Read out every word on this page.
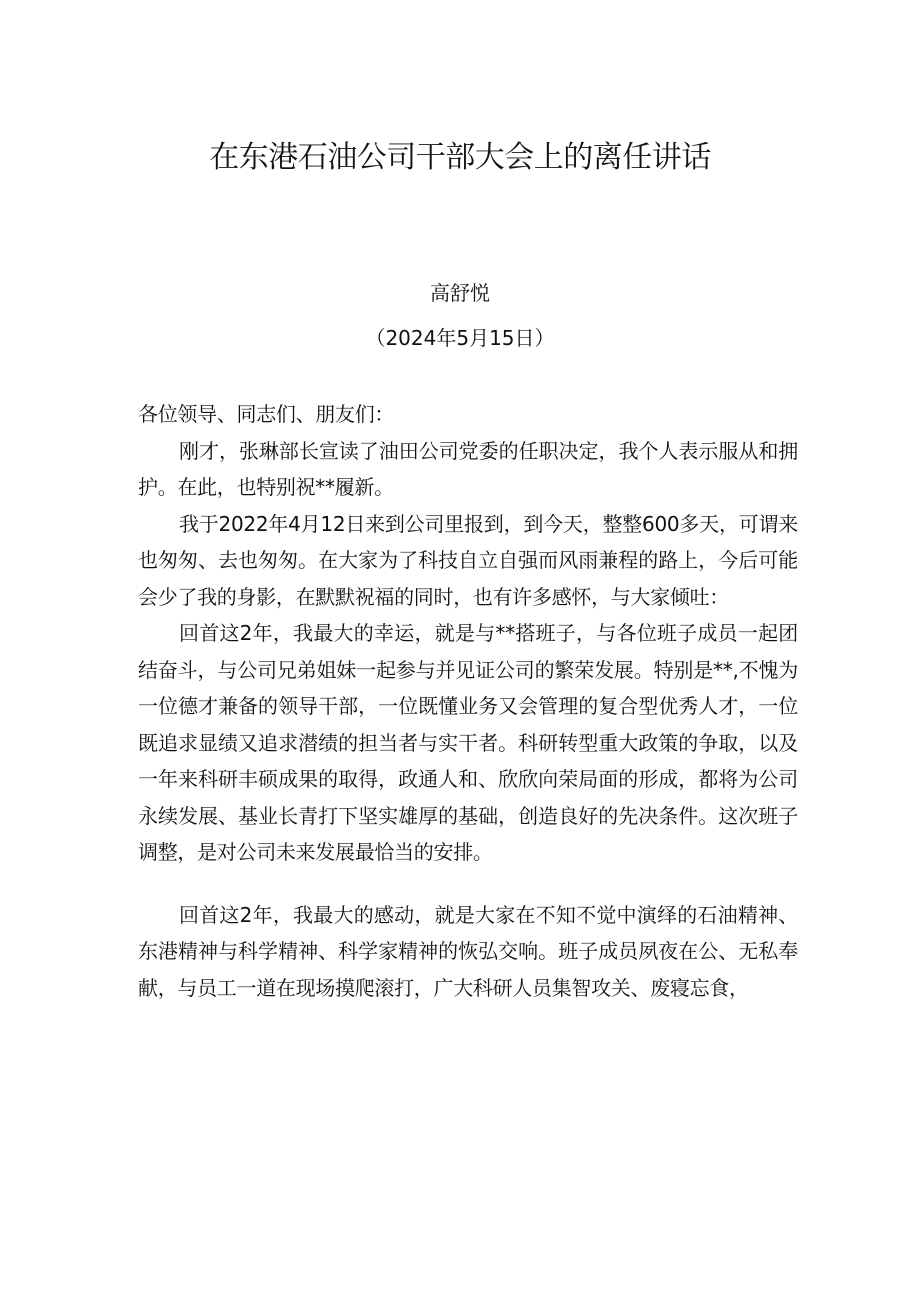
在东港石油公司干部大会上的离任讲话
高舒悦
（2024年5月15日）

各位领导、同志们、朋友们：

刚才，张琳部长宣读了油田公司党委的任职决定，我个人表示服从和拥护。在此，也特别祝**履新。

我于2022年4月12日来到公司里报到，到今天，整整600多天，可谓来也匆匆、去也匆匆。在大家为了科技自立自强而风雨兼程的路上，今后可能会少了我的身影，在默默祝福的同时，也有许多感怀，与大家倾吐：

回首这2年，我最大的幸运，就是与**搭班子，与各位班子成员一起团结奋斗，与公司兄弟姐妹一起参与并见证公司的繁荣发展。特别是**,不愧为一位德才兼备的领导干部，一位既懂业务又会管理的复合型优秀人才，一位既追求显绩又追求潜绩的担当者与实干者。科研转型重大政策的争取，以及一年来科研丰硕成果的取得，政通人和、欣欣向荣局面的形成，都将为公司永续发展、基业长青打下坚实雄厚的基础，创造良好的先决条件。这次班子调整，是对公司未来发展最恰当的安排。

回首这2年，我最大的感动，就是大家在不知不觉中演绎的石油精神、东港精神与科学精神、科学家精神的恢弘交响。班子成员夙夜在公、无私奉献，与员工一道在现场摸爬滚打，广大科研人员集智攻关、废寝忘食，
